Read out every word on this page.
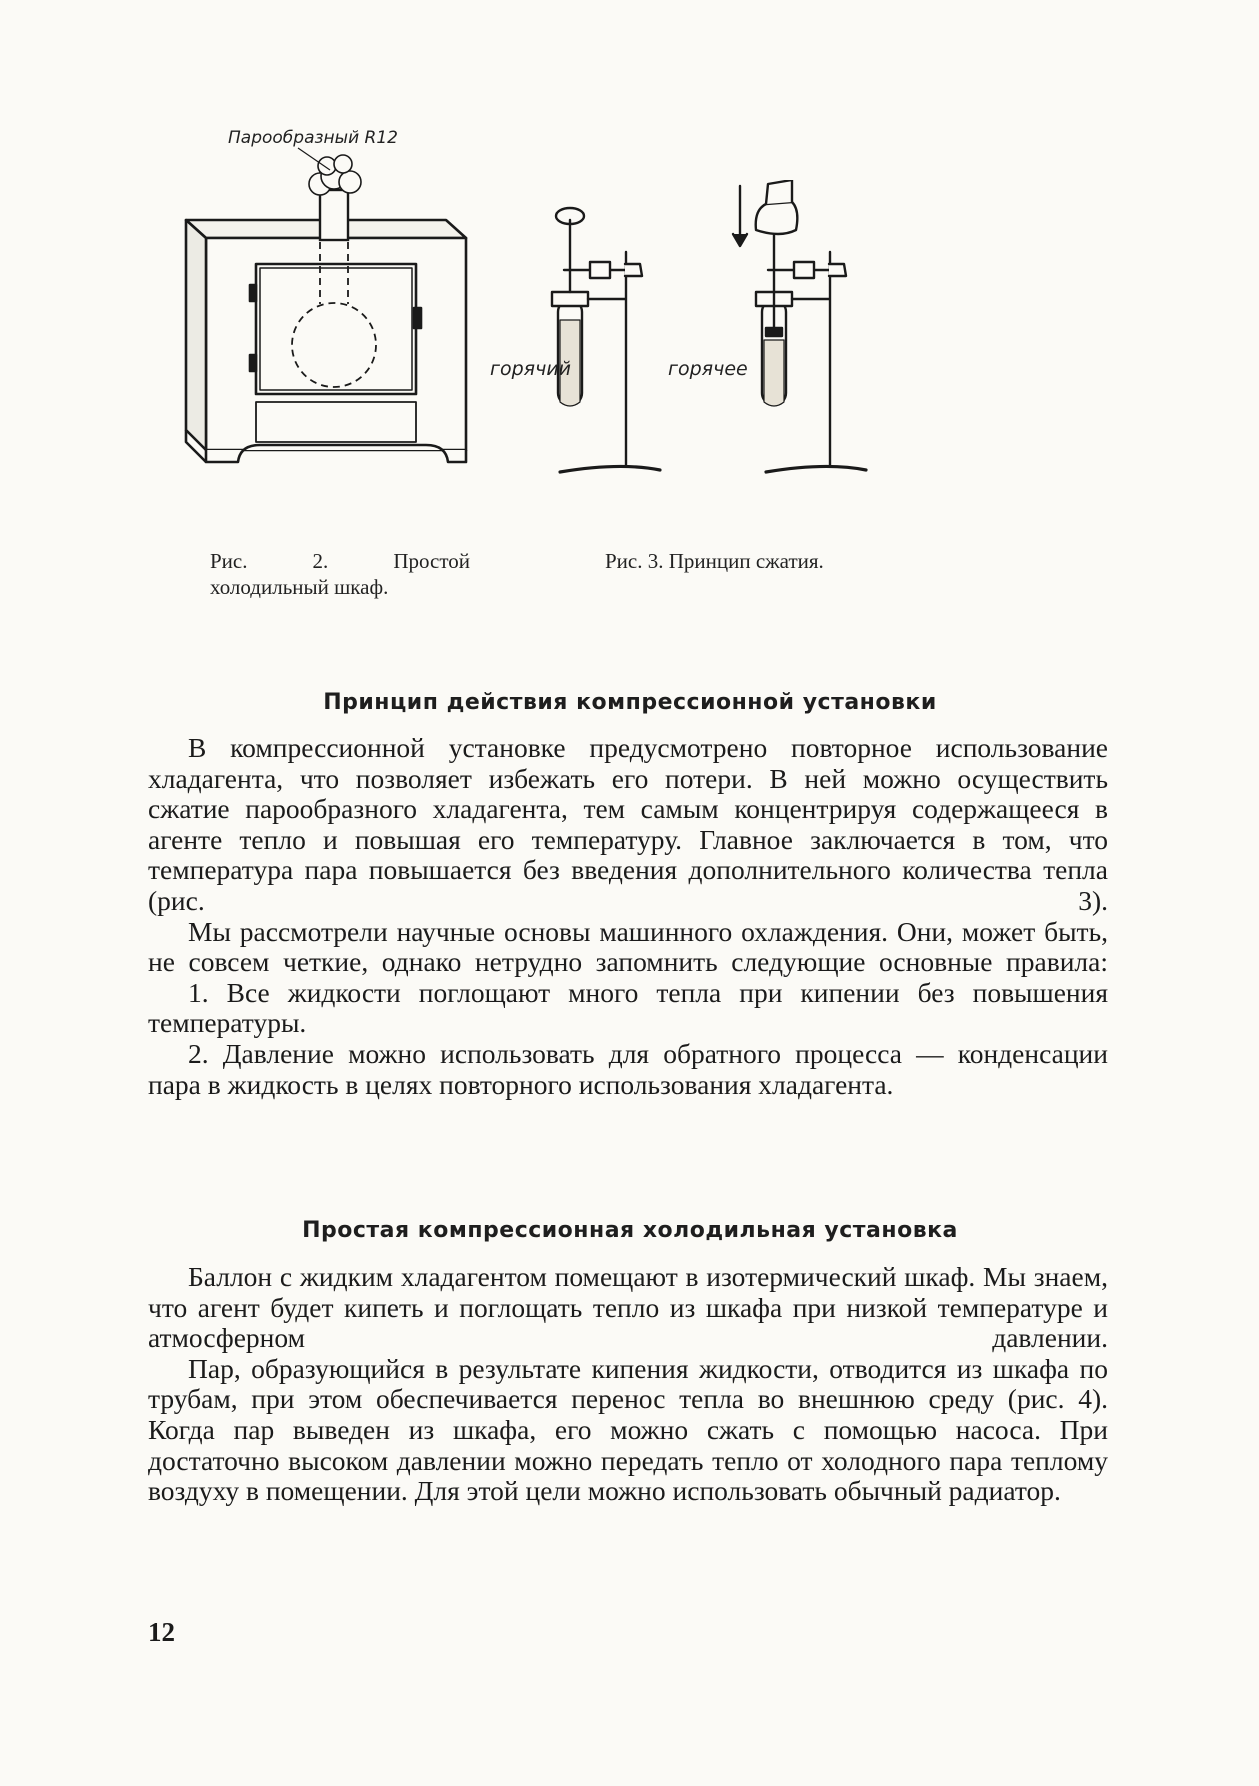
Парообразный R12
горячий	горячее
Рис. 2. Простой холодильный шкаф.
Рис. 3. Принцип сжатия.
Принцип действия компрессионной установки

В компрессионной установке предусмотрено повторное использование хладагента, что позволяет избежать его потери. В ней можно осуществить сжатие парообразного хладагента, тем самым концентрируя содержащееся в агенте тепло и повышая его температуру. Главное заключается в том, что температура пара повышается без введения дополнительного количества тепла (рис. 3).

Мы рассмотрели научные основы машинного охлаждения. Они, может быть, не совсем четкие, однако нетрудно запомнить следующие основные правила:

1. Все жидкости поглощают много тепла при кипении без повышения температуры.

2. Давление можно использовать для обратного процесса — конденсации пара в жидкость в целях повторного использования хладагента.

Простая компрессионная холодильная установка

Баллон с жидким хладагентом помещают в изотермический шкаф. Мы знаем, что агент будет кипеть и поглощать тепло из шкафа при низкой температуре и атмосферном давлении.

Пар, образующийся в результате кипения жидкости, отводится из шкафа по трубам, при этом обеспечивается перенос тепла во внешнюю среду (рис. 4). Когда пар выведен из шкафа, его можно сжать с помощью насоса. При достаточно высоком давлении можно передать тепло от холодного пара теплому воздуху в помещении. Для этой цели можно использовать обычный радиатор.

12
